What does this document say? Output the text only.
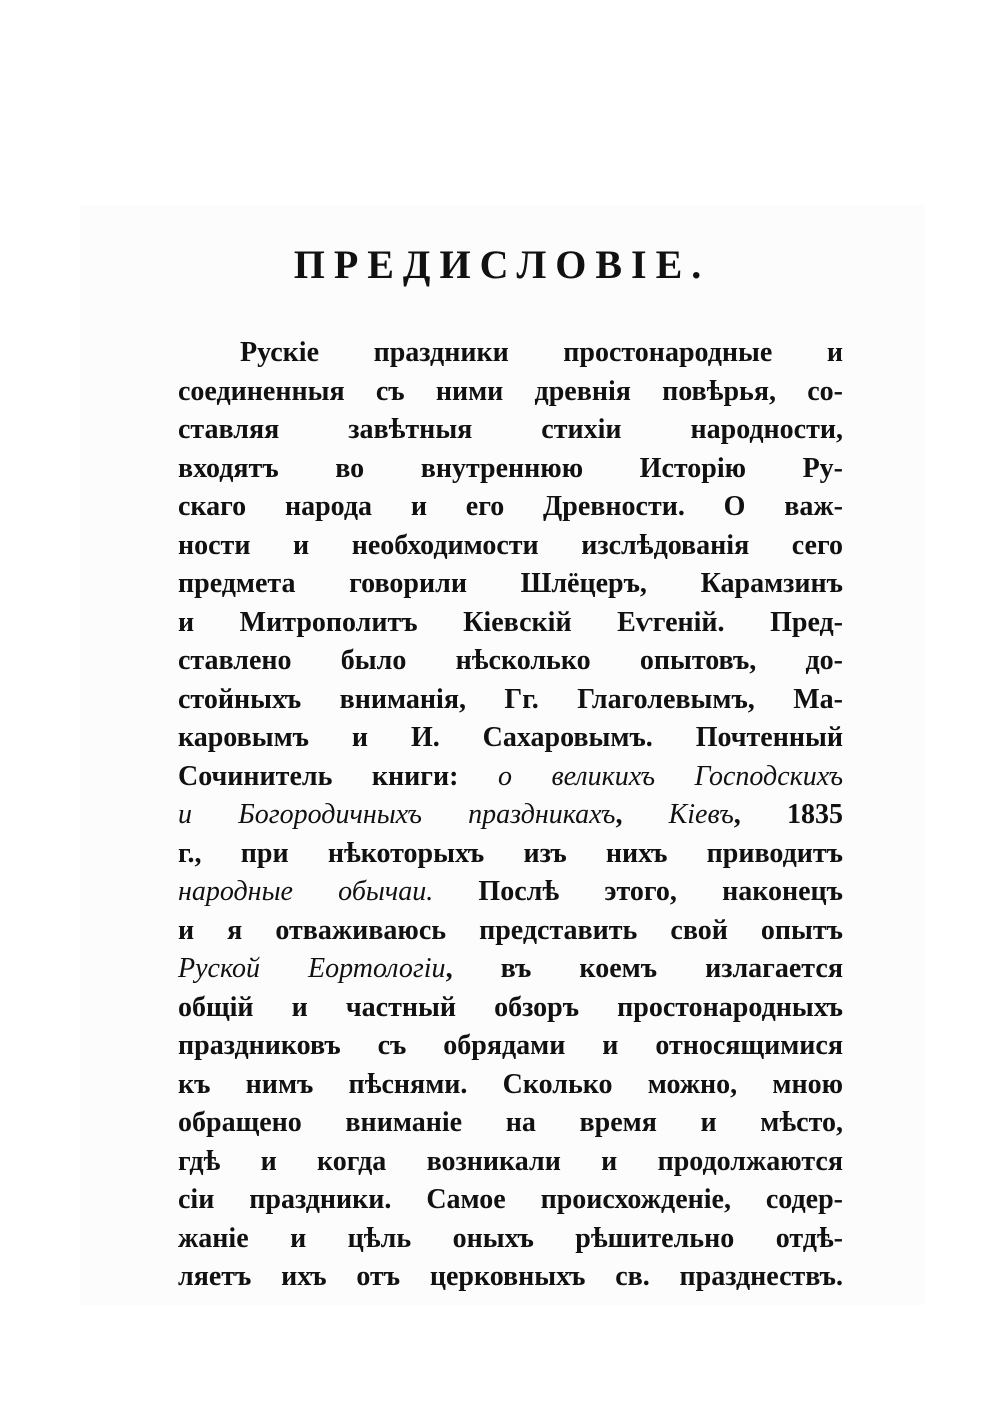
ПРЕДИСЛОВІЕ.
Рускіе праздники простонародные и
соединенныя съ ними древнія повѣрья, со-
ставляя завѣтныя стихіи народности,
входятъ во внутреннюю Исторію Ру-
скаго народа и его Древности. О важ-
ности и необходимости изслѣдованія сего
предмета говорили Шлёцеръ, Карамзинъ
и Митрополитъ Кіевскій Еѵгеній. Пред-
ставлено было нѣсколько опытовъ, до-
стойныхъ вниманія, Гг. Глаголевымъ, Ма-
каровымъ и И. Сахаровымъ. Почтенный
Сочинитель книги: о великихъ Господскихъ
и Богородичныхъ праздникахъ, Кіевъ, 1835
г., при нѣкоторыхъ изъ нихъ приводитъ
народные обычаи. Послѣ этого, наконецъ
и я отваживаюсь представить свой опытъ
Руской Еортологіи, въ коемъ излагается
общій и частный обзоръ простонародныхъ
праздниковъ съ обрядами и относящимися
къ нимъ пѣснями. Сколько можно, мною
обращено вниманіе на время и мѣсто,
гдѣ и когда возникали и продолжаются
сіи праздники. Самое происхожденіе, содер-
жаніе и цѣль оныхъ рѣшительно отдѣ-
ляетъ ихъ отъ церковныхъ св. празднествъ.
